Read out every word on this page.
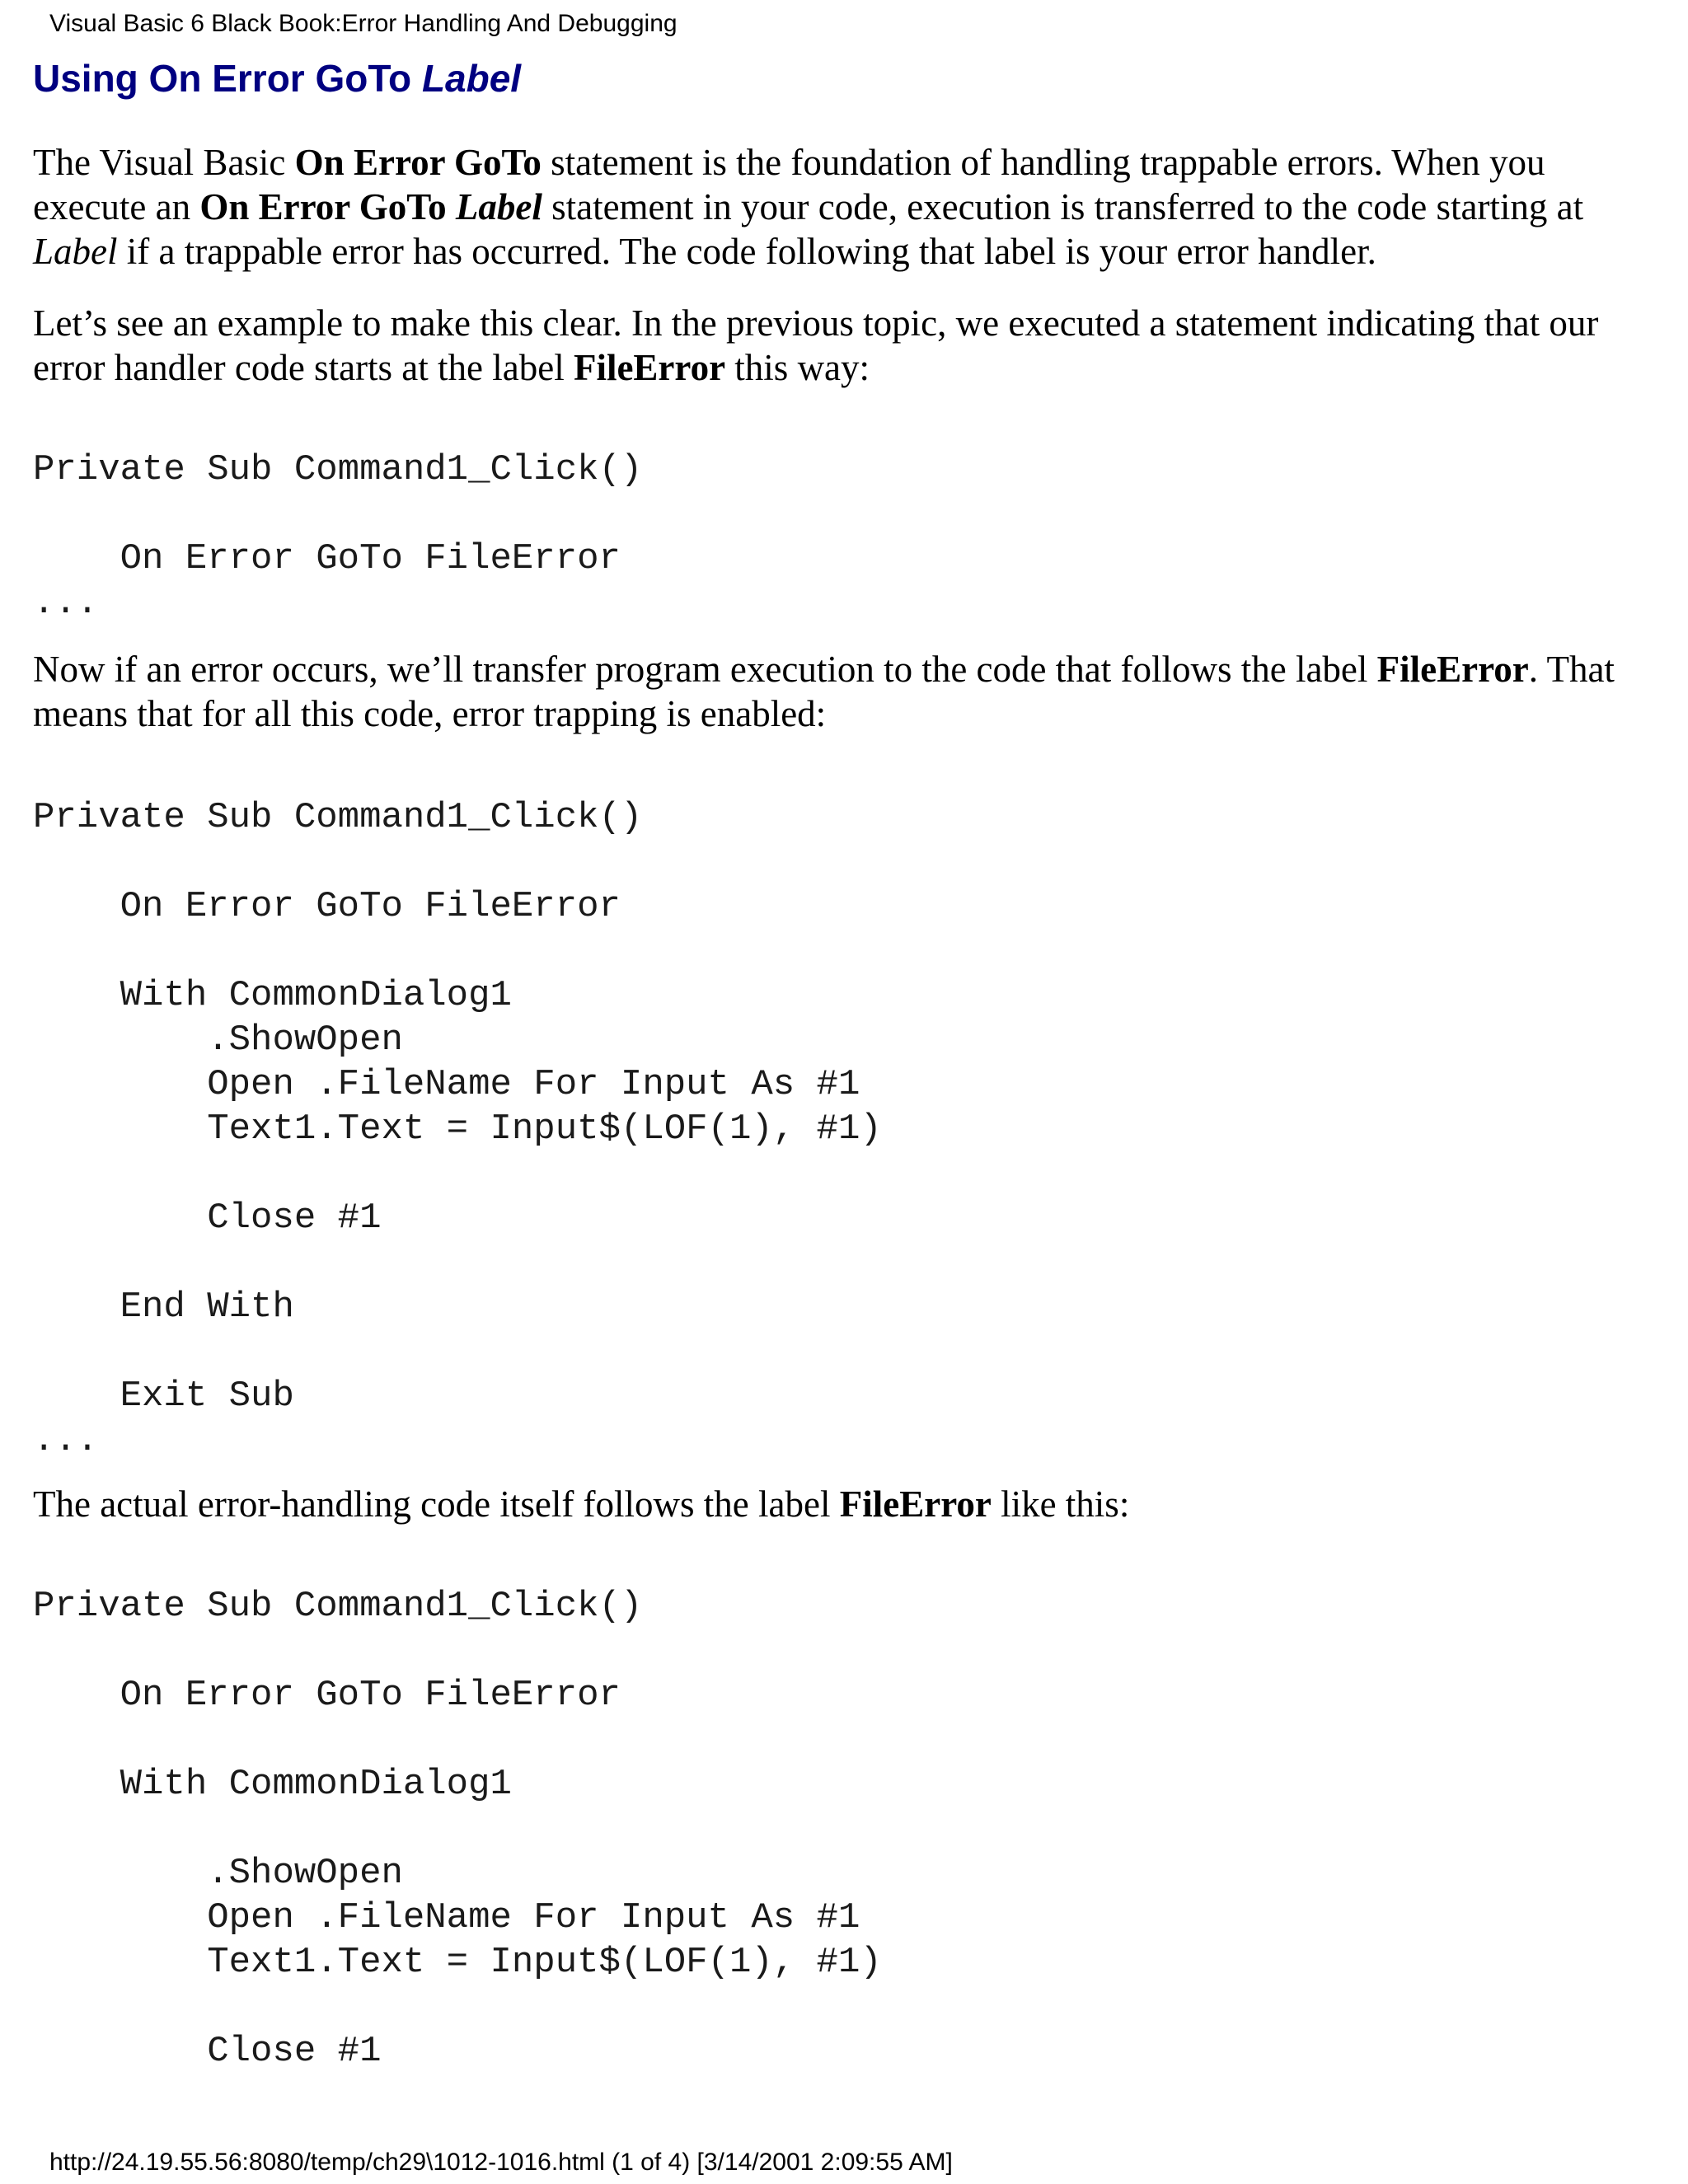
Visual Basic 6 Black Book:Error Handling And Debugging
Using On Error GoTo Label

The Visual Basic On Error GoTo statement is the foundation of handling trappable errors. When you execute an On Error GoTo Label statement in your code, execution is transferred to the code starting at Label if a trappable error has occurred. The code following that label is your error handler.

Let’s see an example to make this clear. In the previous topic, we executed a statement indicating that our error handler code starts at the label FileError this way:

Private Sub Command1_Click()

On Error GoTo FileError
...

Now if an error occurs, we’ll transfer program execution to the code that follows the label FileError. That means that for all this code, error trapping is enabled:

Private Sub Command1_Click()

On Error GoTo FileError

With CommonDialog1
.ShowOpen
Open .FileName For Input As #1
Text1.Text = Input$(LOF(1), #1)

Close #1

End With

Exit Sub
...

The actual error-handling code itself follows the label FileError like this:

Private Sub Command1_Click()

On Error GoTo FileError

With CommonDialog1

.ShowOpen
Open .FileName For Input As #1
Text1.Text = Input$(LOF(1), #1)

Close #1
http://24.19.55.56:8080/temp/ch29\1012-1016.html (1 of 4) [3/14/2001 2:09:55 AM]
